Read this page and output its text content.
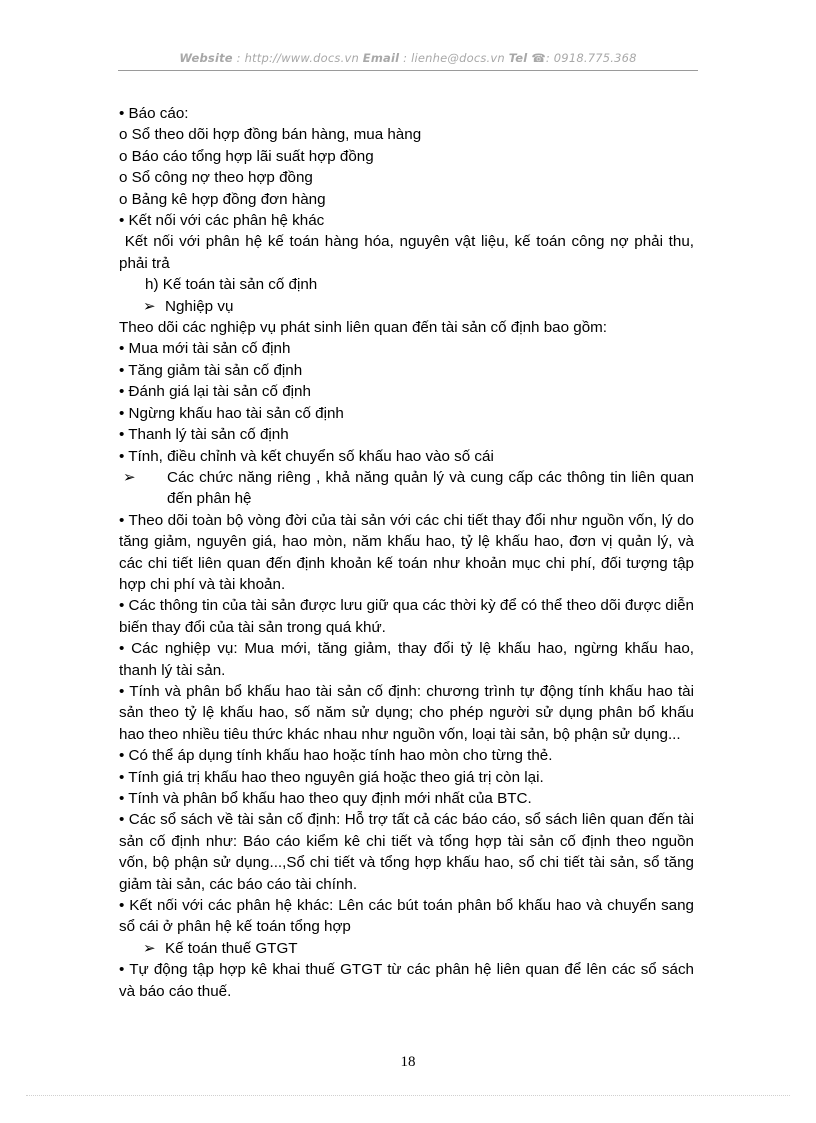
Website : http://www.docs.vn Email : lienhe@docs.vn Tel ☎: 0918.775.368

• Báo cáo:

o Sổ theo dõi hợp đồng bán hàng, mua hàng

o Báo cáo tổng hợp lãi suất hợp đồng

o Sổ công nợ theo hợp đồng

o Bảng kê hợp đồng đơn hàng

• Kết nối với các phân hệ khác

Kết nối với phân hệ kế toán hàng hóa, nguyên vật liệu, kế toán công nợ phải thu, phải trả

h) Kế toán tài sản cố định

➢ Nghiệp vụ

Theo dõi các nghiệp vụ phát sinh liên quan đến tài sản cố định bao gồm:

• Mua mới tài sản cố định

• Tăng giảm tài sản cố định

• Đánh giá lại tài sản cố định

• Ngừng khấu hao tài sản cố định

• Thanh lý tài sản cố định

• Tính, điều chỉnh và kết chuyển số khấu hao vào số cái

➢ Các chức năng riêng , khả năng quản lý và cung cấp các thông tin liên quan đến phân hệ

• Theo dõi toàn bộ vòng đời của tài sản với các chi tiết thay đổi như nguồn vốn, lý do tăng giảm, nguyên giá, hao mòn, năm khấu hao, tỷ lệ khấu hao, đơn vị quản lý, và các chi tiết liên quan đến định khoản kế toán như khoản mục chi phí, đối tượng tập hợp chi phí và tài khoản.

• Các thông tin của tài sản được lưu giữ qua các thời kỳ để có thể theo dõi được diễn biến thay đổi của tài sản trong quá khứ.

• Các nghiệp vụ: Mua mới, tăng giảm, thay đổi tỷ lệ khấu hao, ngừng khấu hao, thanh lý tài sản.

• Tính và phân bổ khấu hao tài sản cố định: chương trình tự động tính khấu hao tài sản theo tỷ lệ khấu hao, số năm sử dụng; cho phép người sử dụng phân bổ khấu hao theo nhiều tiêu thức khác nhau như nguồn vốn, loại tài sản, bộ phận sử dụng...

• Có thể áp dụng tính khấu hao hoặc tính hao mòn cho từng thẻ.

• Tính giá trị khấu hao theo nguyên giá hoặc theo giá trị còn lại.

• Tính và phân bổ khấu hao theo quy định mới nhất của BTC.

• Các sổ sách về tài sản cố định: Hỗ trợ tất cả các báo cáo, sổ sách liên quan đến tài sản cố định như: Báo cáo kiểm kê chi tiết và tổng hợp tài sản cố định theo nguồn vốn, bộ phận sử dụng...,Sổ chi tiết và tổng hợp khấu hao, sổ chi tiết tài sản, sổ tăng giảm tài sản, các báo cáo tài chính.

• Kết nối với các phân hệ khác: Lên các bút toán phân bổ khấu hao và chuyển sang sổ cái ở phân hệ kế toán tổng hợp

➢ Kế toán thuế GTGT

• Tự động tập hợp kê khai thuế GTGT từ các phân hệ liên quan để lên các sổ sách và báo cáo thuế.

18
